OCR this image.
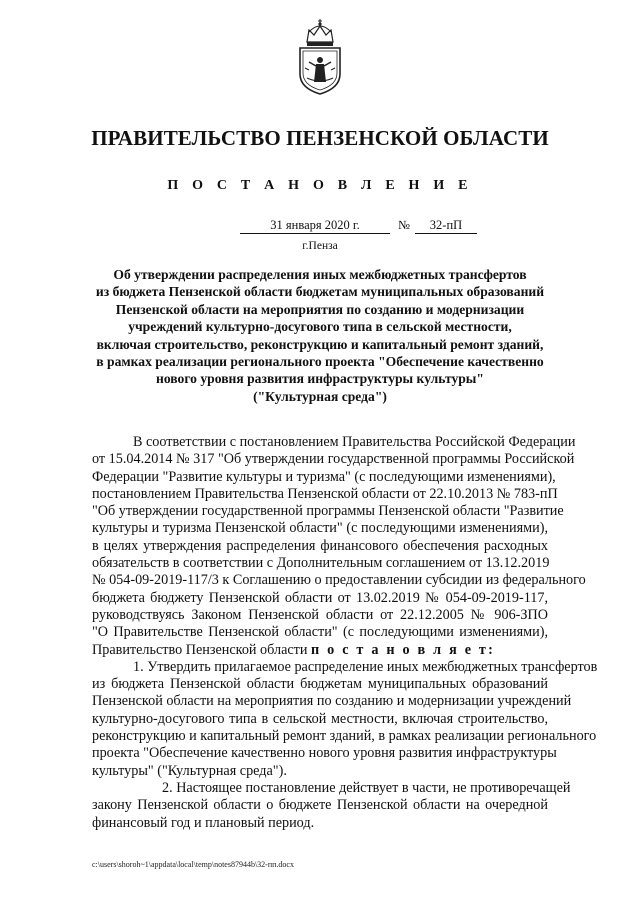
ПРАВИТЕЛЬСТВО ПЕНЗЕНСКОЙ ОБЛАСТИ
П О С Т А Н О В Л Е Н И Е
31 января 2020 г.	№	32-пП
г.Пенза
Об утверждении распределения иных межбюджетных трансфертов
из бюджета Пензенской области бюджетам муниципальных образований
Пензенской области на мероприятия по созданию и модернизации
учреждений культурно-досугового типа в сельской местности,
включая строительство, реконструкцию и капитальный ремонт зданий,
в рамках реализации регионального проекта "Обеспечение качественно
нового уровня развития инфраструктуры культуры"
("Культурная среда")
В соответствии с постановлением Правительства Российской Федерации
от 15.04.2014 № 317 "Об утверждении государственной программы Российской
Федерации "Развитие культуры и туризма" (с последующими изменениями),
постановлением Правительства Пензенской области от 22.10.2013 № 783-пП
"Об утверждении государственной программы Пензенской области "Развитие
культуры и туризма Пензенской области" (с последующими изменениями),
в целях утверждения распределения финансового обеспечения расходных
обязательств в соответствии с Дополнительным соглашением от 13.12.2019
№ 054-09-2019-117/3 к Соглашению о предоставлении субсидии из федерального
бюджета бюджету Пензенской области от 13.02.2019 № 054-09-2019-117,
руководствуясь Законом Пензенской области от 22.12.2005 № 906-ЗПО
"О Правительстве Пензенской области" (с последующими изменениями),
Правительство Пензенской области п о с т а н о в л я е т:
1. Утвердить прилагаемое распределение иных межбюджетных трансфертов
из бюджета Пензенской области бюджетам муниципальных образований
Пензенской области на мероприятия по созданию и модернизации учреждений
культурно-досугового типа в сельской местности, включая строительство,
реконструкцию и капитальный ремонт зданий, в рамках реализации регионального
проекта "Обеспечение качественно нового уровня развития инфраструктуры
культуры" ("Культурная среда").
2. Настоящее постановление действует в части, не противоречащей
закону Пензенской области о бюджете Пензенской области на очередной
финансовый год и плановый период.
c:\users\shoroh~1\appdata\local\temp\notes87944b\32-пп.docx
